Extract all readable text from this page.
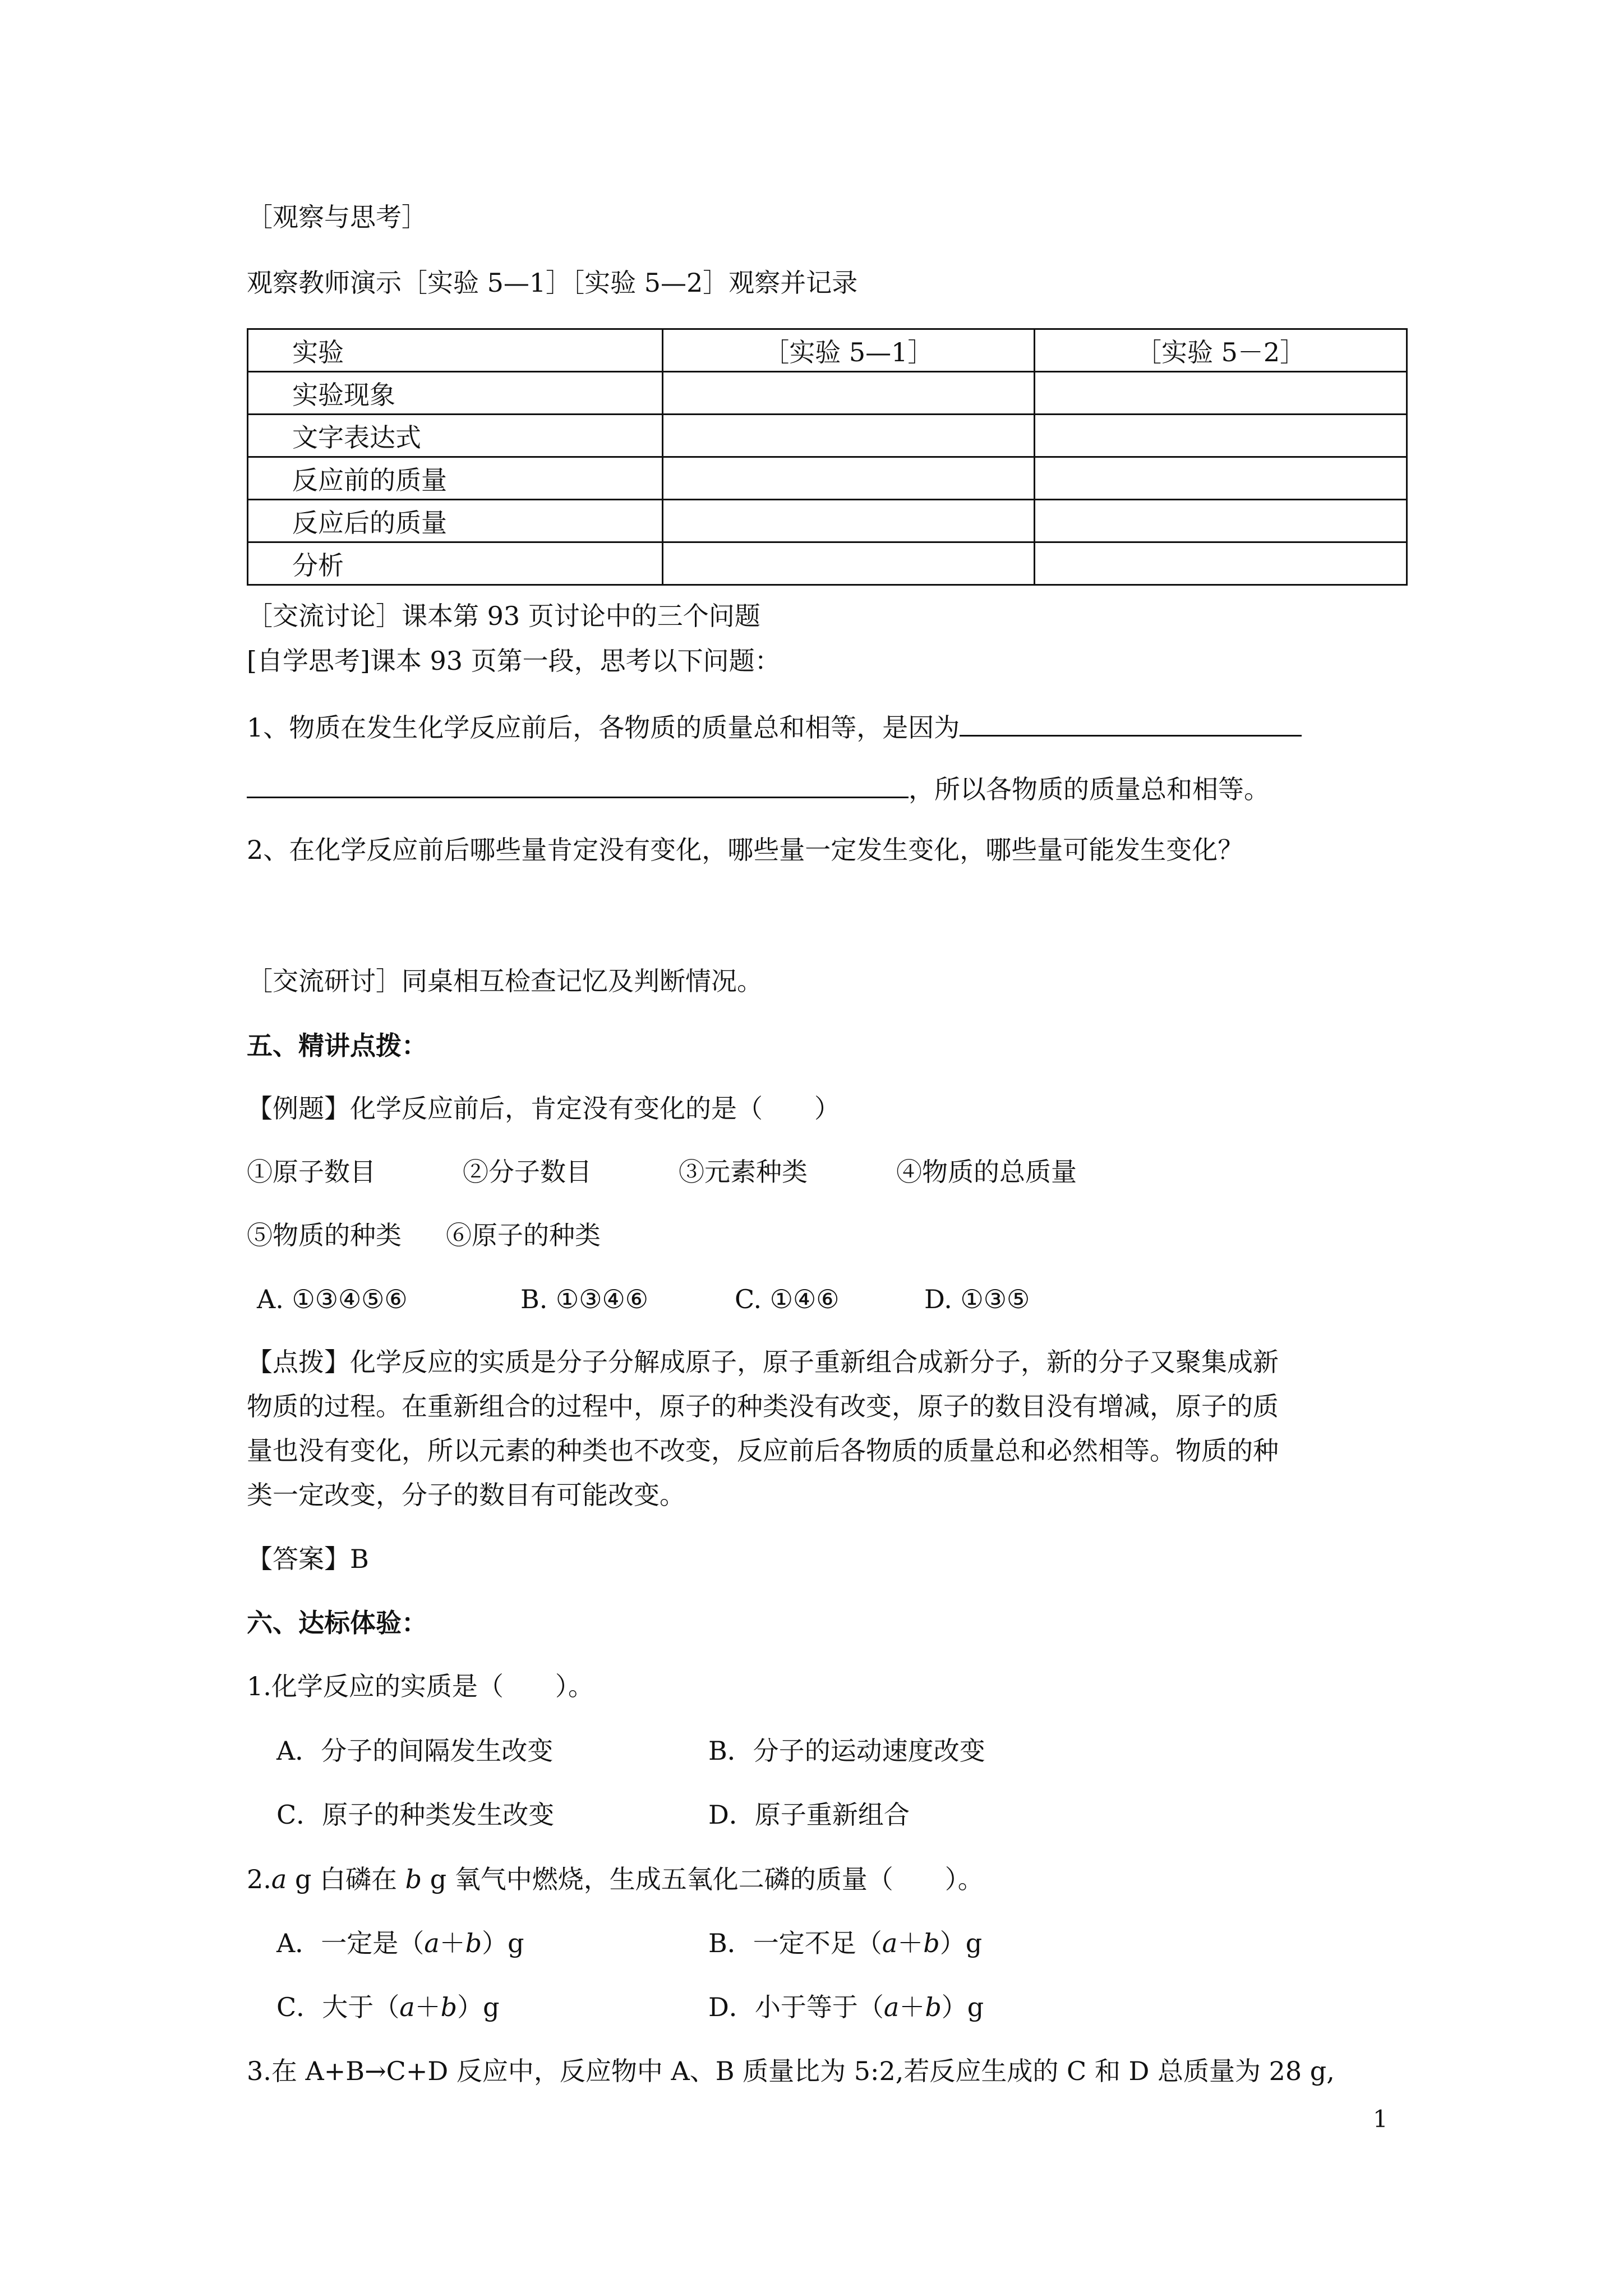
［观察与思考］
观察教师演示［实验 5—1］［实验 5—2］观察并记录
实验	［实验 5—1］	［实验 5－2］
实验现象		
文字表达式		
反应前的质量		
反应后的质量		
分析		
［交流讨论］课本第 93 页讨论中的三个问题
[自学思考]课本 93 页第一段，思考以下问题：
1、物质在发生化学反应前后，各物质的质量总和相等，是因为
，所以各物质的质量总和相等。
2、在化学反应前后哪些量肯定没有变化，哪些量一定发生变化，哪些量可能发生变化？
［交流研讨］同桌相互检查记忆及判断情况。
五、精讲点拨：
【例题】化学反应前后，肯定没有变化的是（　　）
①原子数目	②分子数目	③元素种类	④物质的总质量
⑤物质的种类 ⑥原子的种类
A. ①③④⑤⑥	B. ①③④⑥	C. ①④⑥	D. ①③⑤
【点拨】化学反应的实质是分子分解成原子，原子重新组合成新分子，新的分子又聚集成新
物质的过程。在重新组合的过程中，原子的种类没有改变，原子的数目没有增减，原子的质
量也没有变化，所以元素的种类也不改变，反应前后各物质的质量总和必然相等。物质的种
类一定改变，分子的数目有可能改变。
【答案】B
六、达标体验：
1.化学反应的实质是（　　）。
A．分子的间隔发生改变	B．分子的运动速度改变
C．原子的种类发生改变	D．原子重新组合
2.a g 白磷在 b g 氧气中燃烧，生成五氧化二磷的质量（　　）。
A．一定是（a＋b）g	B．一定不足（a＋b）g
C．大于（a＋b）g	D．小于等于（a＋b）g
3.在 A+B→C+D 反应中，反应物中 A、B 质量比为 5:2,若反应生成的 C 和 D 总质量为 28 g,
1
